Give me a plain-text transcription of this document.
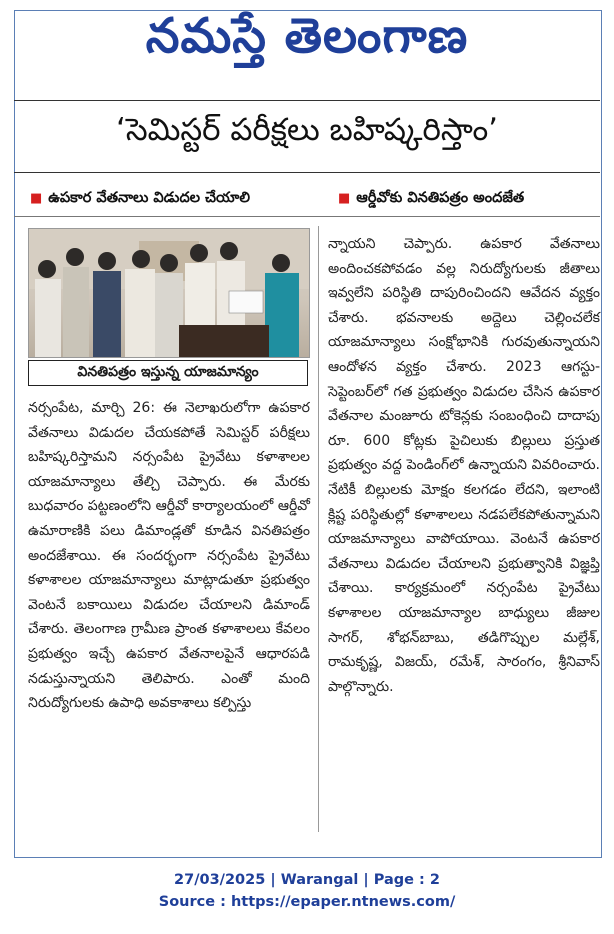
నమస్తే తెలంగాణ
‘సెమిస్టర్ పరీక్షలు బహిష్కరిస్తాం’
■ ఉపకార వేతనాలు విడుదల చేయాలి	■ ఆర్డీవోకు వినతిపత్రం అందజేత
వినతిపత్రం ఇస్తున్న యాజమాన్యం
నర్సంపేట, మార్చి 26: ఈ నెలాఖరులోగా ఉపకార వేతనాలు విడుదల చేయకపోతే సెమిస్టర్ పరీక్షలు బహిష్కరిస్తామని నర్సంపేట ప్రైవేటు కళాశాలల యాజమాన్యాలు తేల్చి చెప్పారు. ఈ మేరకు బుధవారం పట్టణంలోని ఆర్డీవో కార్యాలయంలో ఆర్డీవో ఉమారాణికి పలు డిమాండ్లతో కూడిన వినతిపత్రం అందజేశాయి. ఈ సందర్భంగా నర్సంపేట ప్రైవేటు కళాశాలల యాజమాన్యాలు మాట్లాడుతూ ప్రభుత్వం వెంటనే బకాయిలు విడుదల చేయాలని డిమాండ్ చేశారు. తెలంగాణ గ్రామీణ ప్రాంత కళాశాలలు కేవలం ప్రభుత్వం ఇచ్చే ఉపకార వేతనాలపైనే ఆధారపడి నడుస్తున్నాయని తెలిపారు. ఎంతో మంది నిరుద్యోగులకు ఉపాధి అవకాశాలు కల్పిస్తు
న్నాయని చెప్పారు. ఉపకార వేతనాలు అందించకపోవడం వల్ల నిరుద్యోగులకు జీతాలు ఇవ్వలేని పరిస్థితి దాపురించిందని ఆవేదన వ్యక్తం చేశారు. భవనాలకు అద్దెలు చెల్లించలేక యాజమాన్యాలు సంక్షోభానికి గురవుతున్నాయని ఆందోళన వ్యక్తం చేశారు. 2023 ఆగస్టు-సెప్టెంబర్‌లో గత ప్రభుత్వం విడుదల చేసిన ఉపకార వేతనాల మంజూరు టోకెన్లకు సంబంధించి దాదాపు రూ. 600 కోట్లకు పైచిలుకు బిల్లులు ప్రస్తుత ప్రభుత్వం వద్ద పెండింగ్‌లో ఉన్నాయని వివరించారు. నేటికీ బిల్లులకు మోక్షం కలగడం లేదని, ఇలాంటి క్లిష్ట పరిస్థితుల్లో కళాశాలలు నడపలేకపోతున్నామని యాజమాన్యాలు వాపోయాయి. వెంటనే ఉపకార వేతనాలు విడుదల చేయాలని ప్రభుత్వానికి విజ్ఞప్తి చేశాయి. కార్యక్రమంలో నర్సంపేట ప్రైవేటు కళాశాలల యాజమాన్యాల బాధ్యులు జీజుల సాగర్, శోభన్‌బాబు, తడిగొప్పుల మల్లేశ్, రామకృష్ణ, విజయ్, రమేశ్, సారంగం, శ్రీనివాస్ పాల్గొన్నారు.
27/03/2025 | Warangal | Page : 2
Source : https://epaper.ntnews.com/
